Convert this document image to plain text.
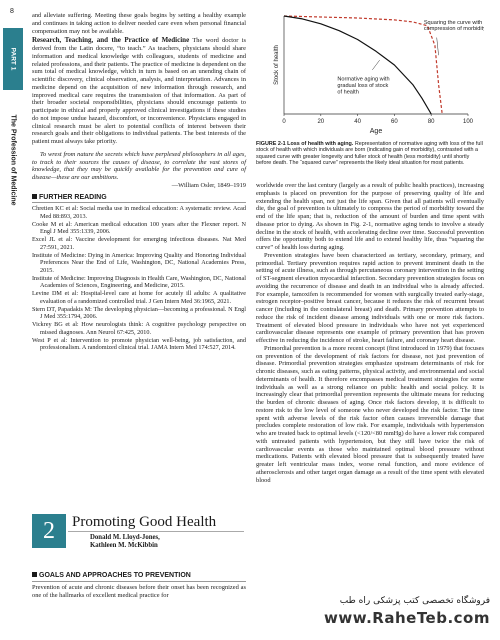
8
PART 1
The Profession of Medicine

and alleviate suffering. Meeting these goals begins by setting a healthy example and continues in taking action to deliver needed care even when personal financial compensation may not be available.

Research, Teaching, and the Practice of Medicine The word doctor is derived from the Latin docere, “to teach.” As teachers, physicians should share information and medical knowledge with colleagues, students of medicine and related professions, and their patients. The practice of medicine is dependent on the sum total of medical knowledge, which in turn is based on an unending chain of scientific discovery, clinical observation, analysis, and interpretation. Advances in medicine depend on the acquisition of new information through research, and improved medical care requires the transmission of that information. As part of their broader societal responsibilities, physicians should encourage patients to participate in ethical and properly approved clinical investigations if these studies do not impose undue hazard, discomfort, or inconvenience. Physicians engaged in clinical research must be alert to potential conflicts of interest between their research goals and their obligations to individual patients. The best interests of the patient must always take priority.

To wrest from nature the secrets which have perplexed philosophers in all ages, to track to their sources the causes of disease, to correlate the vast stores of knowledge, that they may be quickly available for the prevention and cure of disease—these are our ambitions.

—William Osler, 1849–1919

FURTHER READING
Chretien KC et al: Social media use in medical education: A systematic review. Acad Med 88:893, 2013.
Cooke M et al: American medical education 100 years after the Flexner report. N Engl J Med 355:1339, 2006.
Excel JL et al: Vaccine development for emerging infectious diseases. Nat Med 27:591, 2021.
Institute of Medicine: Dying in America: Improving Quality and Honoring Individual Preferences Near the End of Life, Washington, DC, National Academies Press, 2015.
Institute of Medicine: Improving Diagnosis in Health Care, Washington, DC, National Academies of Sciences, Engineering, and Medicine, 2015.
Levine DM et al: Hospital-level care at home for acutely ill adults: A qualitative evaluation of a randomized controlled trial. J Gen Intern Med 36:1965, 2021.
Stern DT, Papadakis M: The developing physician—becoming a professional. N Engl J Med 355:1794, 2006.
Vickrey BG et al: How neurologists think: A cognitive psychology perspective on missed diagnoses. Ann Neurol 67:425, 2010.
West P et al: Intervention to promote physician well-being, job satisfaction, and professionalism. A randomized clinical trial. JAMA Intern Med 174:527, 2014.
2	Promoting Good Health
Donald M. Lloyd-Jones,
Kathleen M. McKibbin
GOALS AND APPROACHES TO PREVENTION

Prevention of acute and chronic diseases before their onset has been recognized as one of the hallmarks of excellent medical practice for

0	20	40	60	80	100
Age
Stock of health
Squaring the curve with compression of morbidity
Normative aging with gradual loss of stock of health
FIGURE 2-1 Loss of health with aging. Representation of normative aging with loss of the full stock of health with which individuals are born (indicating gain of morbidity), contrasted with a squared curve with greater longevity and fuller stock of health (less morbidity) until shortly before death. The “squared curve” represents the likely ideal situation for most patients.

worldwide over the last century (largely as a result of public health practices), increasing emphasis is placed on prevention for the purpose of preserving quality of life and extending the health span, not just the life span. Given that all patients will eventually die, the goal of prevention is ultimately to compress the period of morbidity toward the end of the life span; that is, reduction of the amount of burden and time spent with disease prior to dying. As shown in Fig. 2-1, normative aging tends to involve a steady decline in the stock of health, with accelerating decline over time. Successful prevention offers the opportunity both to extend life and to extend healthy life, thus “squaring the curve” of health loss during aging.

Prevention strategies have been characterized as tertiary, secondary, primary, and primordial. Tertiary prevention requires rapid action to prevent imminent death in the setting of acute illness, such as through percutaneous coronary intervention in the setting of ST-segment elevation myocardial infarction. Secondary prevention strategies focus on avoiding the recurrence of disease and death in an individual who is already affected. For example, tamoxifen is recommended for women with surgically treated early-stage, estrogen receptor–positive breast cancer, because it reduces the risk of recurrent breast cancer (including in the contralateral breast) and death. Primary prevention attempts to reduce the risk of incident disease among individuals with one or more risk factors. Treatment of elevated blood pressure in individuals who have not yet experienced cardiovascular disease represents one example of primary prevention that has proven effective in reducing the incidence of stroke, heart failure, and coronary heart disease.

Primordial prevention is a more recent concept (first introduced in 1979) that focuses on prevention of the development of risk factors for disease, not just prevention of disease. Primordial prevention strategies emphasize upstream determinants of risk for chronic diseases, such as eating patterns, physical activity, and environmental and social determinants of health. It therefore encompasses medical treatment strategies for some individuals as well as a strong reliance on public health and social policy. It is increasingly clear that primordial prevention represents the ultimate means for reducing the burden of chronic diseases of aging. Once risk factors develop, it is difficult to restore risk to the low level of someone who never developed the risk factor. The time spent with adverse levels of the risk factor often causes irreversible damage that precludes complete restoration of low risk. For example, individuals with hypertension who are treated back to optimal levels (<120/<80 mmHg) do have a lower risk compared with untreated patients with hypertension, but they still have twice the risk of cardiovascular events as those who maintained optimal blood pressure without medications. Patients with elevated blood pressure that is subsequently treated have greater left ventricular mass index, worse renal function, and more evidence of atherosclerosis and other target organ damage as a result of the time spent with elevated blood

فروشگاه تخصصی کتب پزشکی راه طب
www.RaheTeb.com
